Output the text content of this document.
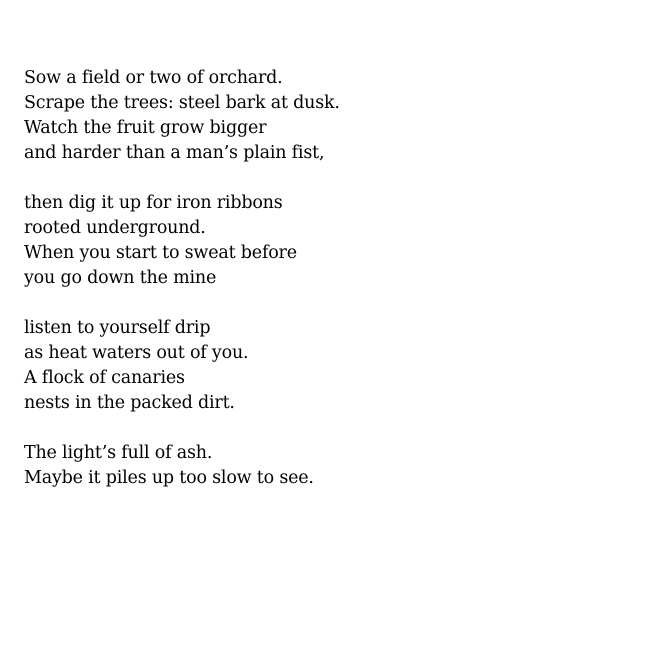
Sow a field or two of orchard.
Scrape the trees: steel bark at dusk.
Watch the fruit grow bigger
and harder than a man’s plain fist,
then dig it up for iron ribbons
rooted underground.
When you start to sweat before
you go down the mine
listen to yourself drip
as heat waters out of you.
A flock of canaries
nests in the packed dirt.
The light’s full of ash.
Maybe it piles up too slow to see.
